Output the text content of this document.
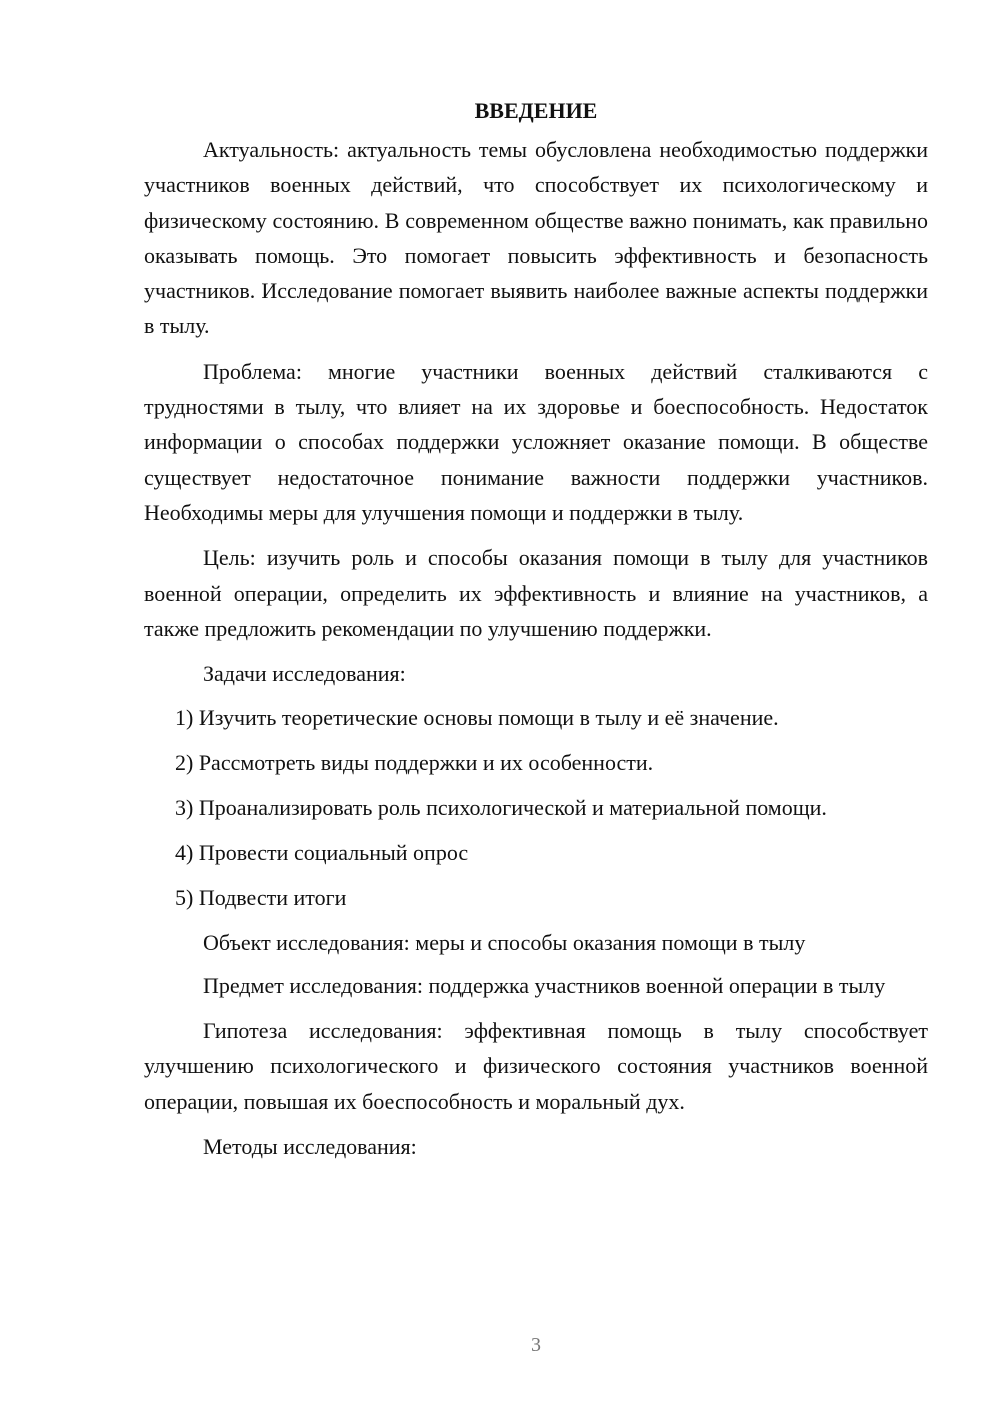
ВВЕДЕНИЕ

Актуальность: актуальность темы обусловлена необходимостью поддержки участников военных действий, что способствует их психологическому и физическому состоянию. В современном обществе важно понимать, как правильно оказывать помощь. Это помогает повысить эффективность и безопасность участников. Исследование помогает выявить наиболее важные аспекты поддержки в тылу.

Проблема: многие участники военных действий сталкиваются с трудностями в тылу, что влияет на их здоровье и боеспособность. Недостаток информации о способах поддержки усложняет оказание помощи. В обществе существует недостаточное понимание важности поддержки участников. Необходимы меры для улучшения помощи и поддержки в тылу.

Цель: изучить роль и способы оказания помощи в тылу для участников военной операции, определить их эффективность и влияние на участников, а также предложить рекомендации по улучшению поддержки.

Задачи исследования:

1) Изучить теоретические основы помощи в тылу и её значение.

2) Рассмотреть виды поддержки и их особенности.

3) Проанализировать роль психологической и материальной помощи.

4) Провести социальный опрос

5) Подвести итоги

Объект исследования: меры и способы оказания помощи в тылу

Предмет исследования: поддержка участников военной операции в тылу

Гипотеза исследования: эффективная помощь в тылу способствует улучшению психологического и физического состояния участников военной операции, повышая их боеспособность и моральный дух.

Методы исследования:

3
